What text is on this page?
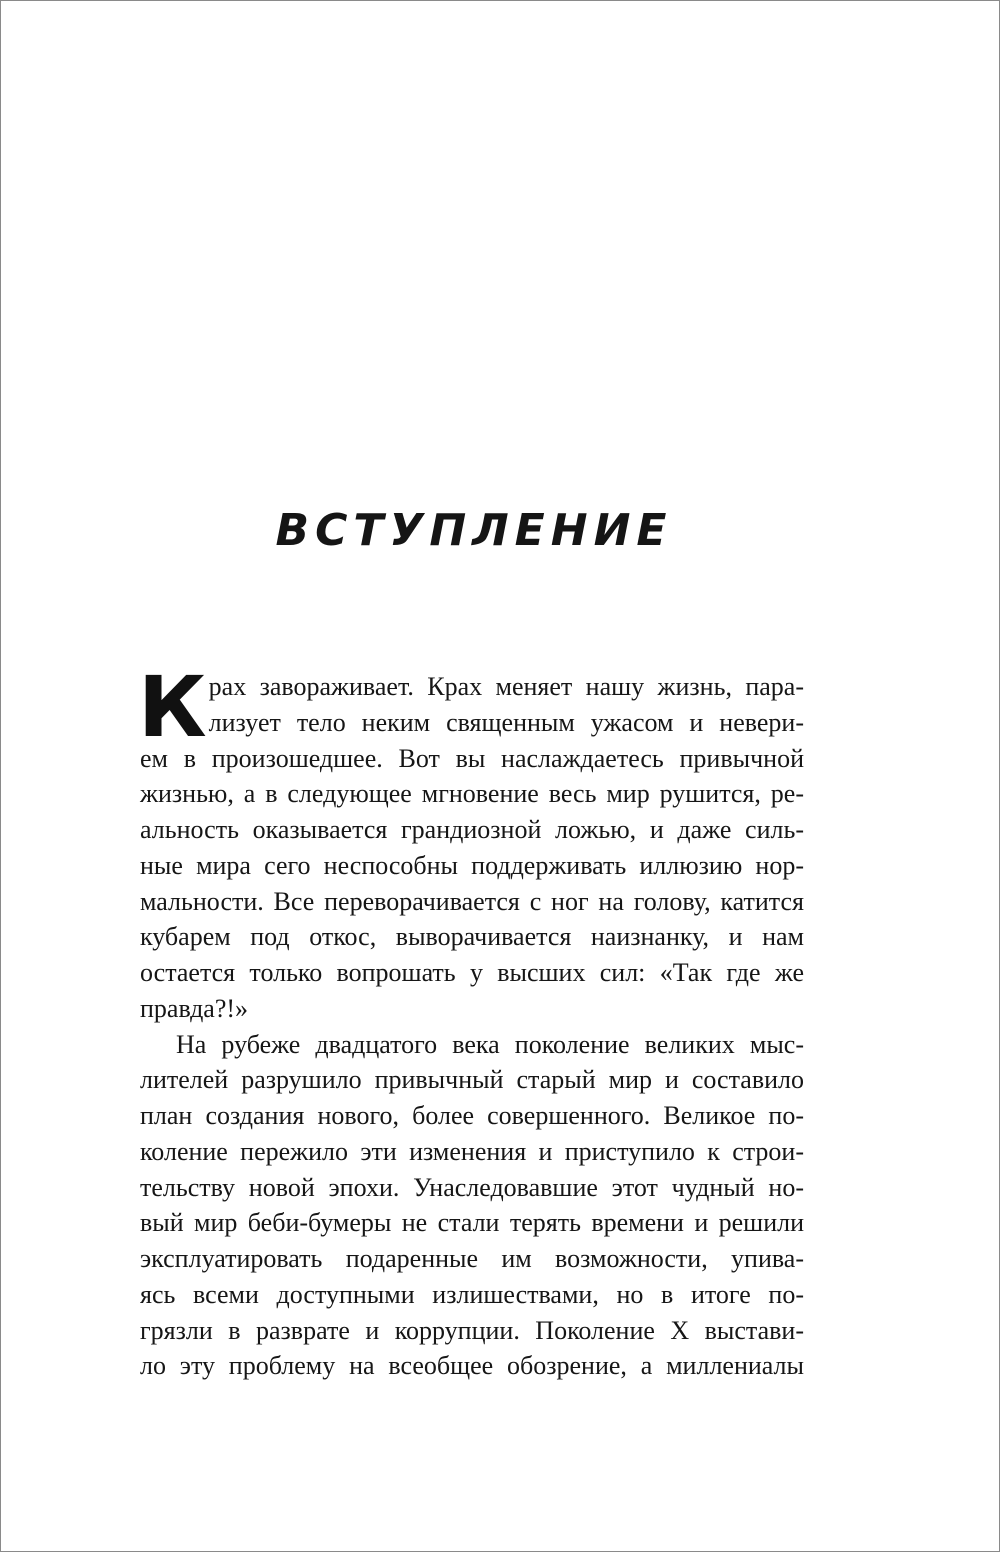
ВСТУПЛЕНИЕ
К рах завораживает. Крах меняет нашу жизнь, пара-
лизует тело неким священным ужасом и невери-
ем в произошедшее. Вот вы наслаждаетесь привычной
жизнью, а в следующее мгновение весь мир рушится, ре-
альность оказывается грандиозной ложью, и даже силь-
ные мира сего неспособны поддерживать иллюзию нор-
мальности. Все переворачивается с ног на голову, катится
кубарем под откос, выворачивается наизнанку, и нам
остается только вопрошать у высших сил: «Так где же
правда?!»
На рубеже двадцатого века поколение великих мыс-
лителей разрушило привычный старый мир и составило
план создания нового, более совершенного. Великое по-
коление пережило эти изменения и приступило к строи-
тельству новой эпохи. Унаследовавшие этот чудный но-
вый мир беби-бумеры не стали терять времени и решили
эксплуатировать подаренные им возможности, упива-
ясь всеми доступными излишествами, но в итоге по-
грязли в разврате и коррупции. Поколение X выстави-
ло эту проблему на всеобщее обозрение, а миллениалы
